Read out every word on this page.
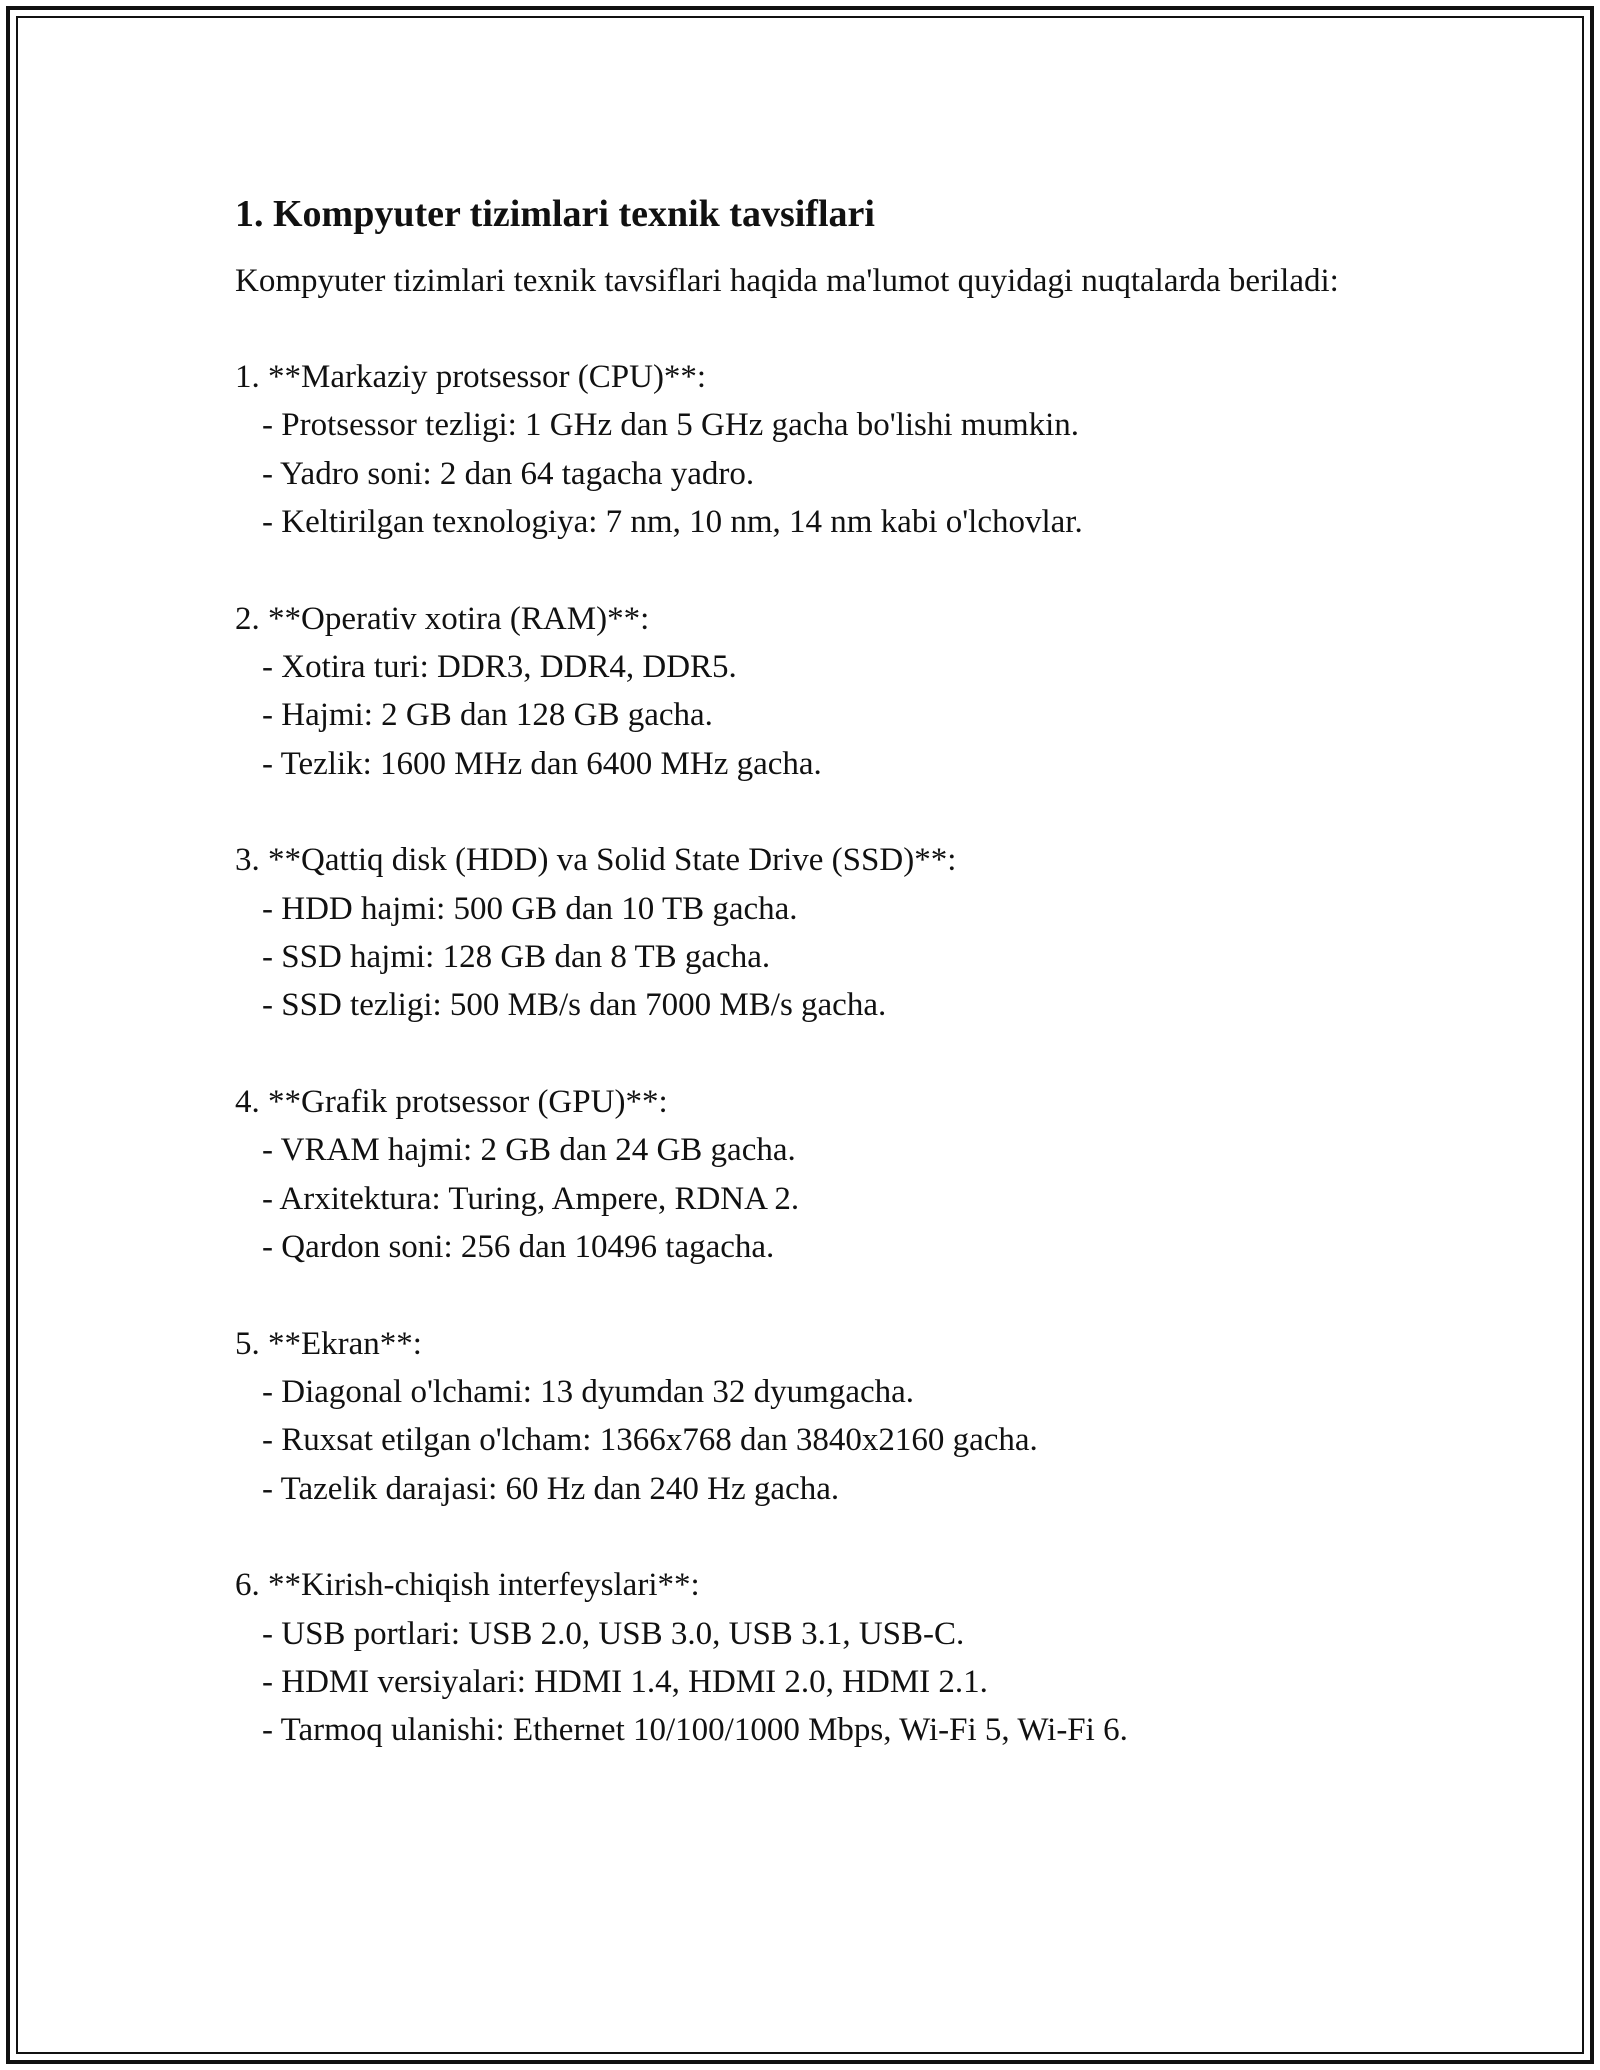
1. Kompyuter tizimlari texnik tavsiflari

Kompyuter tizimlari texnik tavsiflari haqida ma'lumot quyidagi nuqtalarda beriladi:

1. **Markaziy protsessor (CPU)**:
- Protsessor tezligi: 1 GHz dan 5 GHz gacha bo'lishi mumkin.
- Yadro soni: 2 dan 64 tagacha yadro.
- Keltirilgan texnologiya: 7 nm, 10 nm, 14 nm kabi o'lchovlar.
2. **Operativ xotira (RAM)**:
- Xotira turi: DDR3, DDR4, DDR5.
- Hajmi: 2 GB dan 128 GB gacha.
- Tezlik: 1600 MHz dan 6400 MHz gacha.
3. **Qattiq disk (HDD) va Solid State Drive (SSD)**:
- HDD hajmi: 500 GB dan 10 TB gacha.
- SSD hajmi: 128 GB dan 8 TB gacha.
- SSD tezligi: 500 MB/s dan 7000 MB/s gacha.
4. **Grafik protsessor (GPU)**:
- VRAM hajmi: 2 GB dan 24 GB gacha.
- Arxitektura: Turing, Ampere, RDNA 2.
- Qardon soni: 256 dan 10496 tagacha.
5. **Ekran**:
- Diagonal o'lchami: 13 dyumdan 32 dyumgacha.
- Ruxsat etilgan o'lcham: 1366x768 dan 3840x2160 gacha.
- Tazelik darajasi: 60 Hz dan 240 Hz gacha.
6. **Kirish-chiqish interfeyslari**:
- USB portlari: USB 2.0, USB 3.0, USB 3.1, USB-C.
- HDMI versiyalari: HDMI 1.4, HDMI 2.0, HDMI 2.1.
- Tarmoq ulanishi: Ethernet 10/100/1000 Mbps, Wi-Fi 5, Wi-Fi 6.
